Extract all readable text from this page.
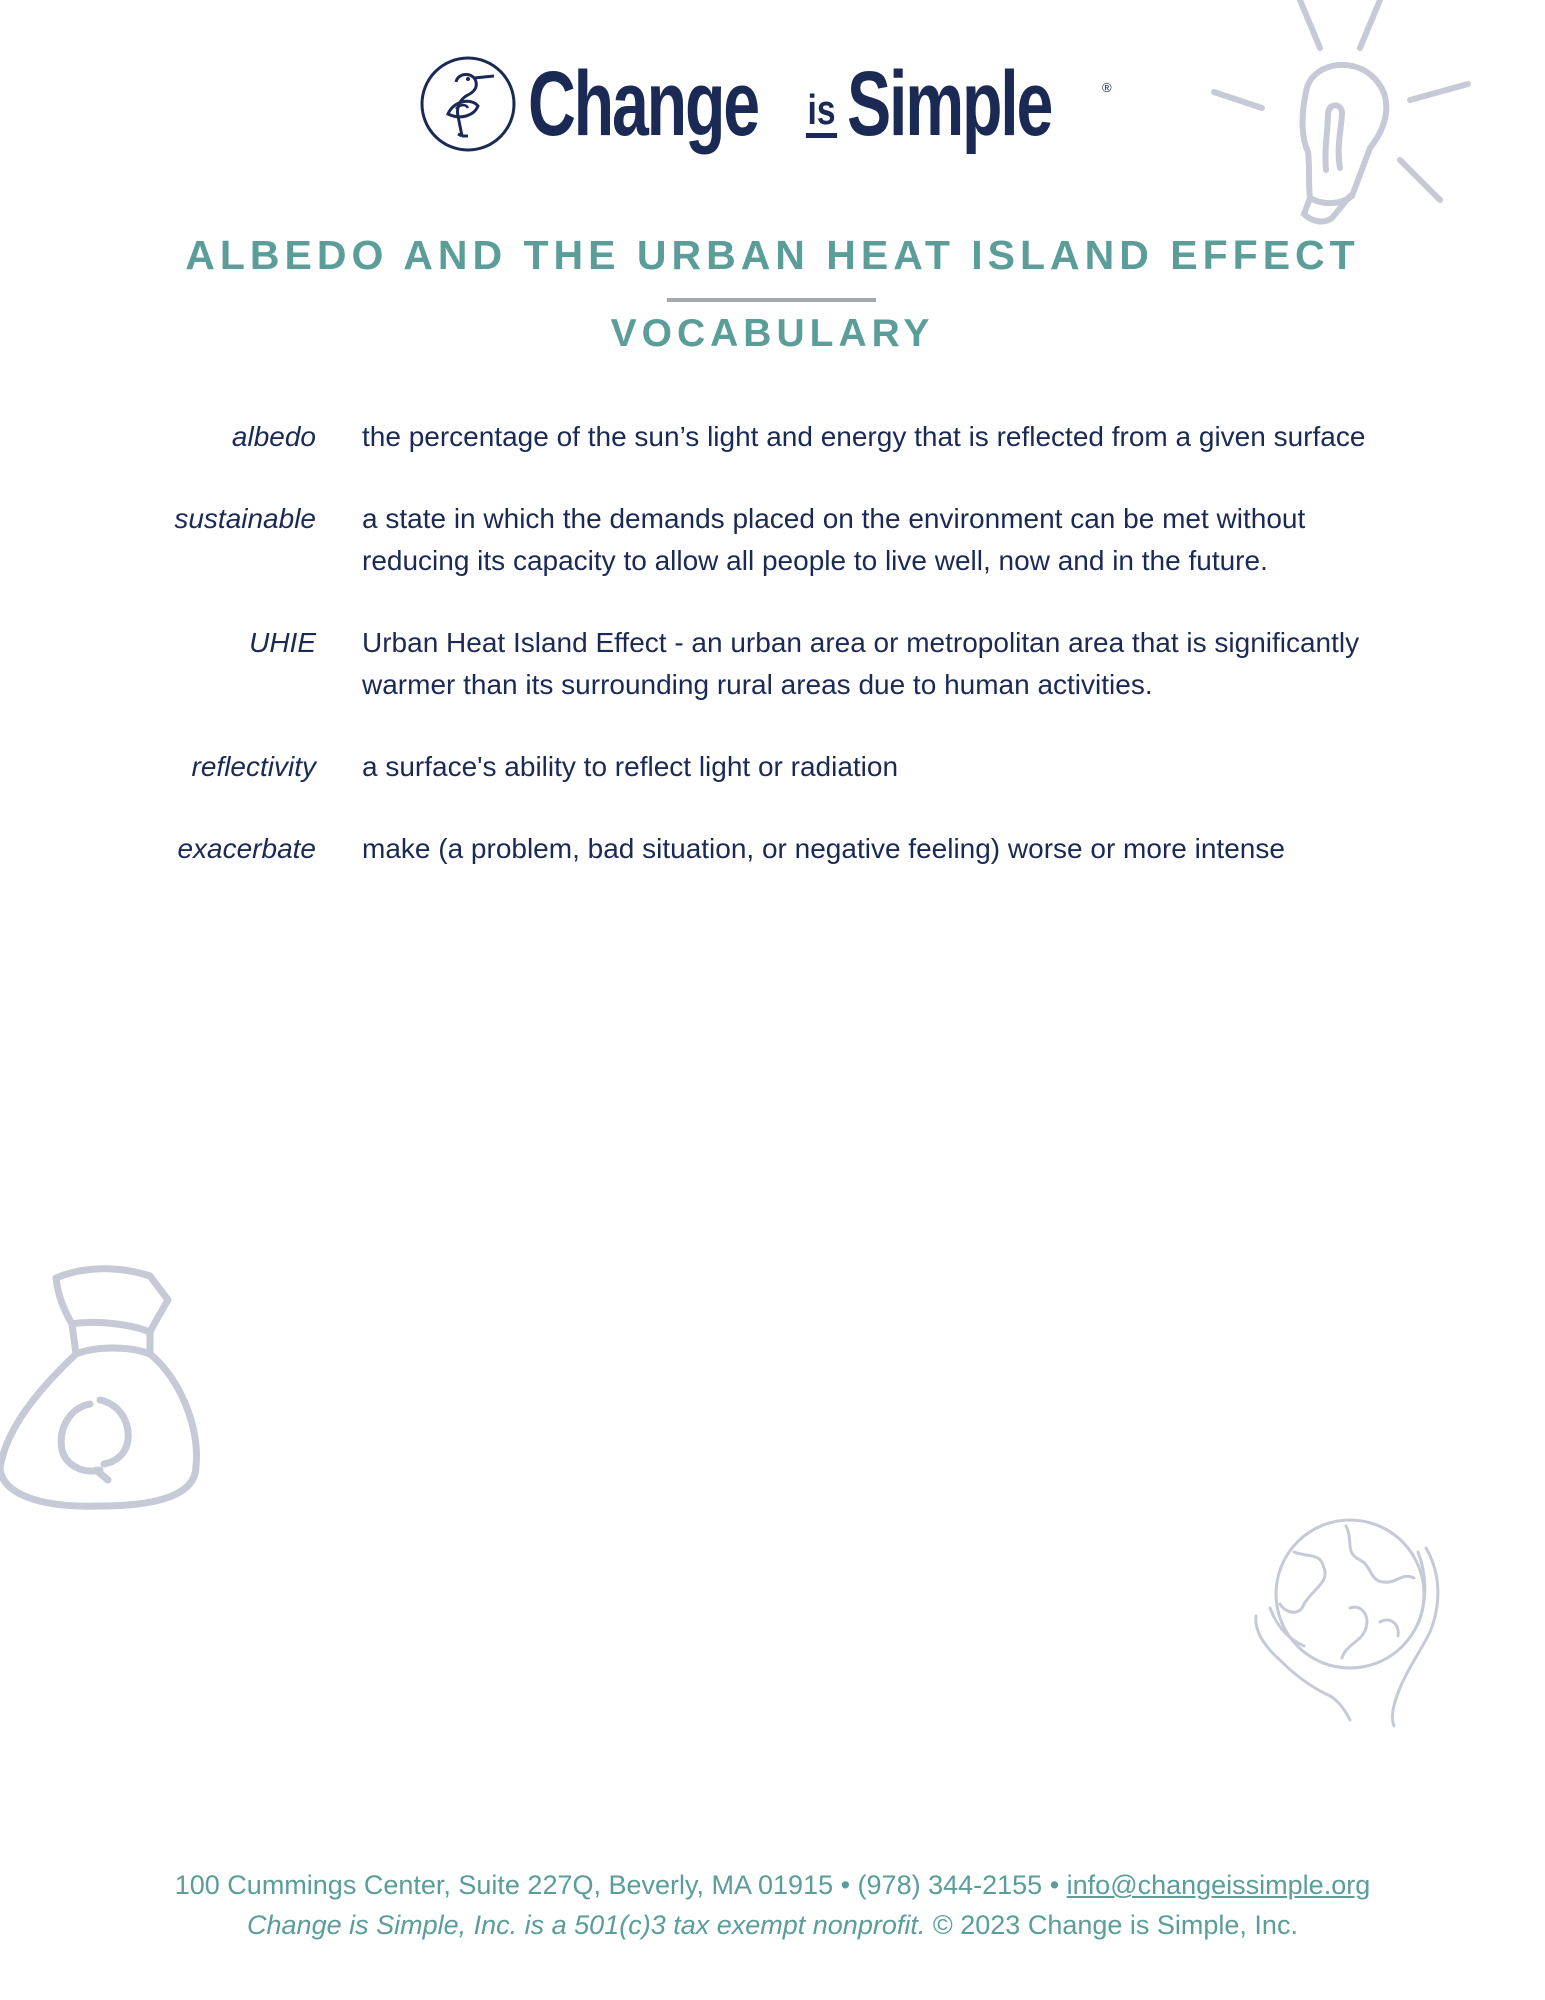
Change is Simple	®
ALBEDO AND THE URBAN HEAT ISLAND EFFECT
VOCABULARY
albedo the percentage of the sun’s light and energy that is reflected from a given surface
sustainable a state in which the demands placed on the environment can be met without reducing its capacity to allow all people to live well, now and in the future.
UHIE Urban Heat Island Effect - an urban area or metropolitan area that is significantly warmer than its surrounding rural areas due to human activities.
reflectivity a surface's ability to reflect light or radiation
exacerbate make (a problem, bad situation, or negative feeling) worse or more intense
100 Cummings Center, Suite 227Q, Beverly, MA 01915 • (978) 344-2155 • info@changeissimple.org
Change is Simple, Inc. is a 501(c)3 tax exempt nonprofit. © 2023 Change is Simple, Inc.
